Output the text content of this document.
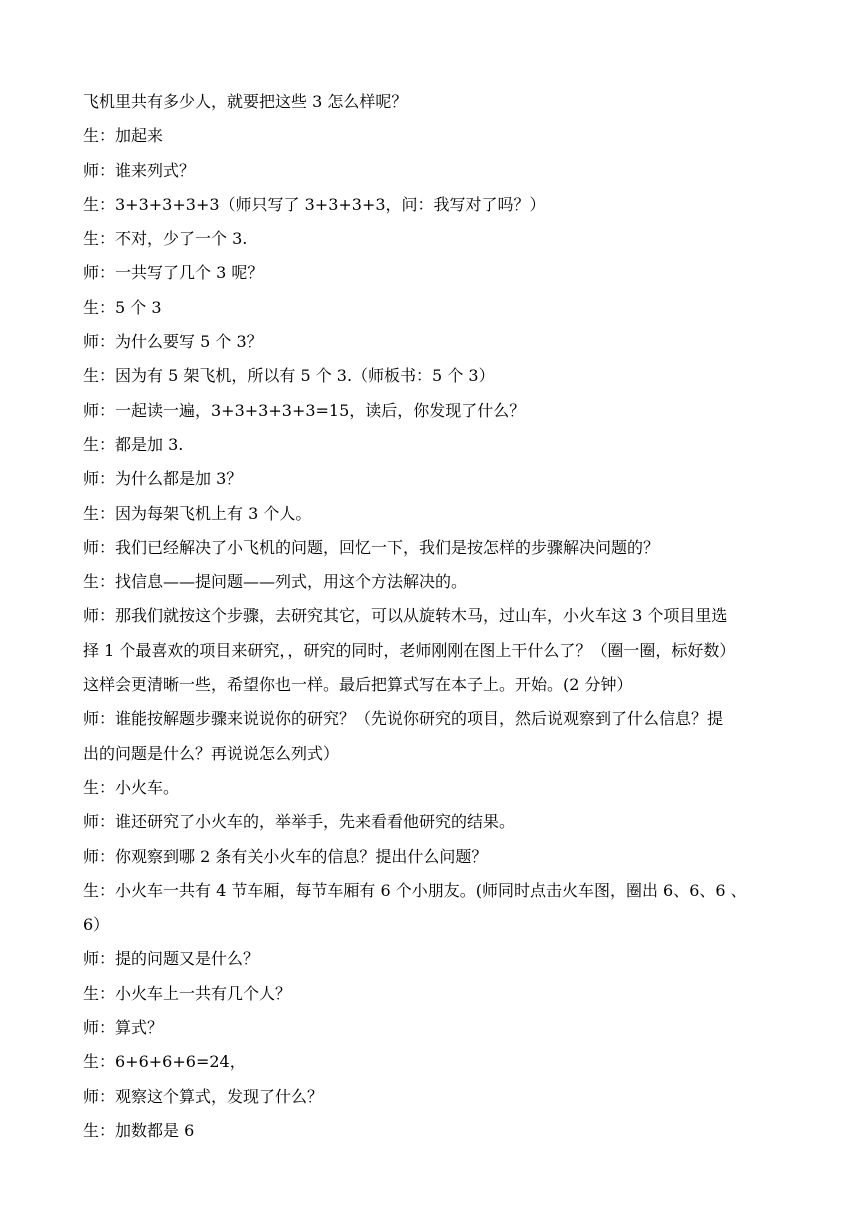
飞机里共有多少人，就要把这些 3 怎么样呢？

生：加起来

师：谁来列式？

生：3+3+3+3+3（师只写了 3+3+3+3，问：我写对了吗？）

生：不对，少了一个 3.

师：一共写了几个 3 呢？

生：5 个 3

师：为什么要写 5 个 3？

生：因为有 5 架飞机，所以有 5 个 3.（师板书：5 个 3）

师：一起读一遍，3+3+3+3+3=15，读后，你发现了什么？

生：都是加 3.

师：为什么都是加 3？

生：因为每架飞机上有 3 个人。

师：我们已经解决了小飞机的问题，回忆一下，我们是按怎样的步骤解决问题的？

生：找信息——提问题——列式，用这个方法解决的。

师：那我们就按这个步骤，去研究其它，可以从旋转木马，过山车，小火车这 3 个项目里选

择 1 个最喜欢的项目来研究，，研究的同时，老师刚刚在图上干什么了？（圈一圈，标好数）

这样会更清晰一些，希望你也一样。最后把算式写在本子上。开始。(2 分钟）

师：谁能按解题步骤来说说你的研究？（先说你研究的项目，然后说观察到了什么信息？提

出的问题是什么？再说说怎么列式）

生：小火车。

师：谁还研究了小火车的，举举手，先来看看他研究的结果。

师：你观察到哪 2 条有关小火车的信息？提出什么问题？

生：小火车一共有 4 节车厢，每节车厢有 6 个小朋友。(师同时点击火车图，圈出 6、6、6 、

6）

师：提的问题又是什么？

生：小火车上一共有几个人？

师：算式？

生：6+6+6+6=24，

师：观察这个算式，发现了什么？

生：加数都是 6
